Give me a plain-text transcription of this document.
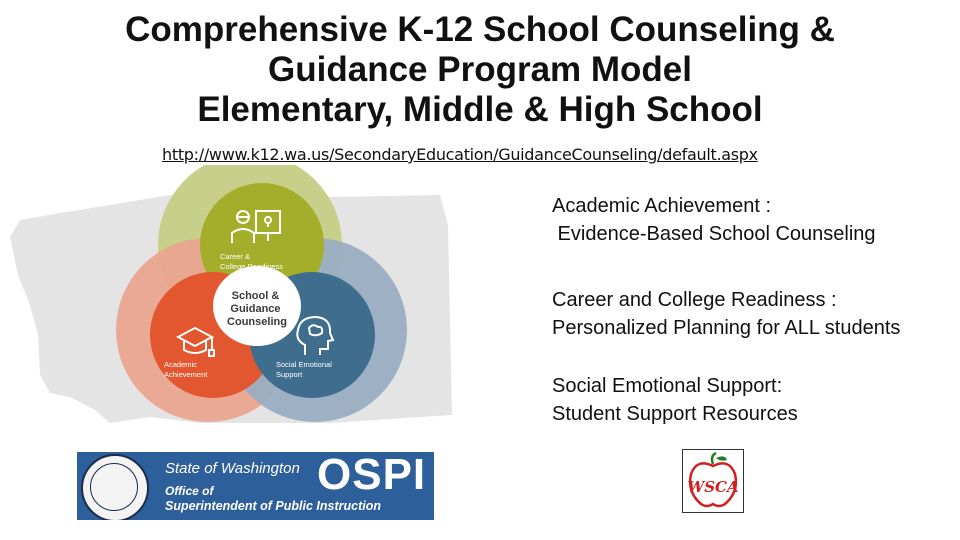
Comprehensive K-12 School Counseling &
Guidance Program Model
Elementary, Middle & High School
http://www.k12.wa.us/SecondaryEducation/GuidanceCounseling/default.aspx
Career & College Readiness
School & Guidance Counseling
Academic Achievement
Social Emotional Support
Academic Achievement :
Evidence-Based School Counseling
Career and College Readiness :
Personalized Planning for ALL students
Social Emotional Support:
Student Support Resources
State of Washington OSPI
Office of
Superintendent of Public Instruction
WSCA
